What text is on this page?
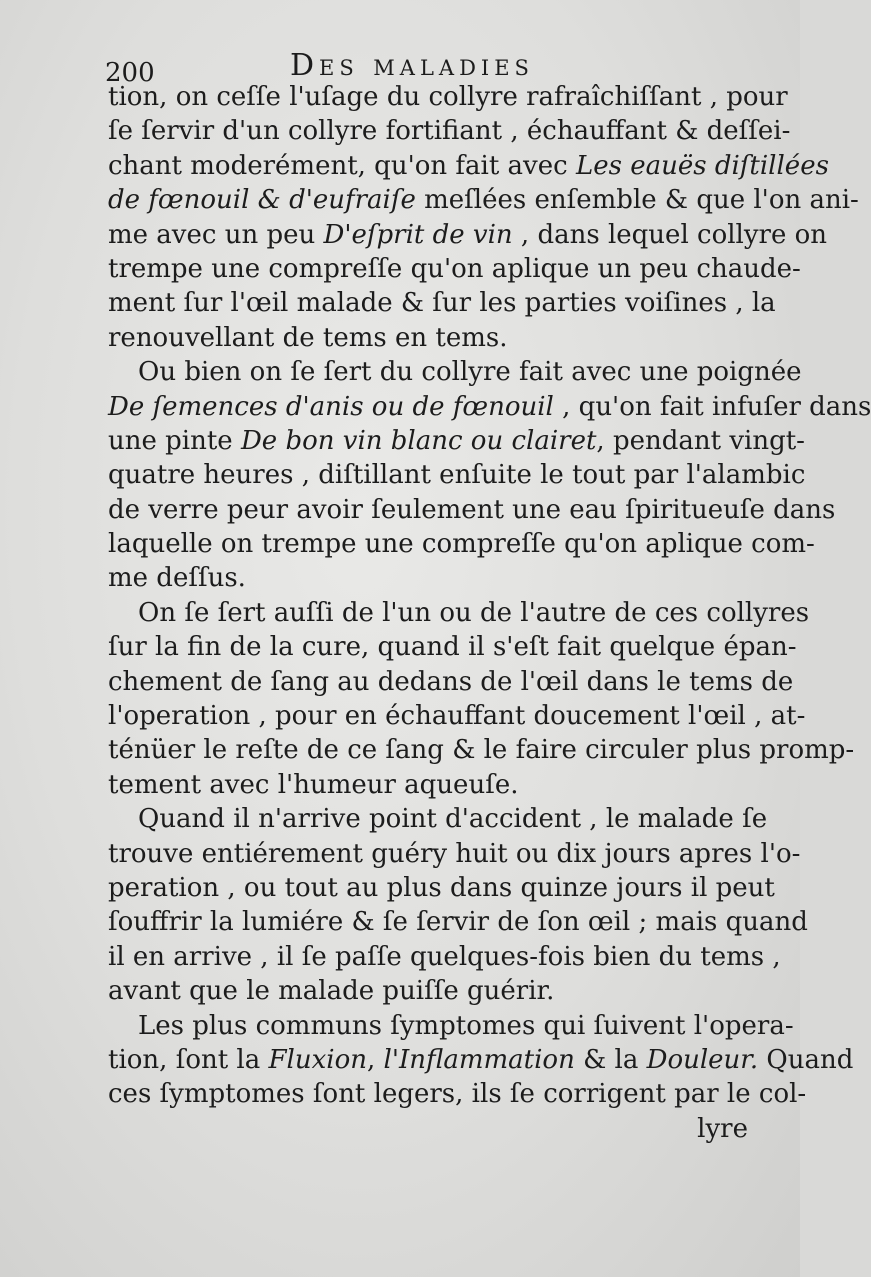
200	Des maladies
tion, on ceſſe l'uſage du collyre rafraîchiſſant , pour
ſe ſervir d'un collyre fortifiant , échauffant & deſſei-
chant moderément, qu'on fait avec Les eauës diſtillées
de fœnouil & d'eufraiſe meſlées enſemble & que l'on ani-
me avec un peu D'eſprit de vin , dans lequel collyre on
trempe une compreſſe qu'on aplique un peu chaude-
ment ſur l'œil malade & ſur les parties voiſines , la
renouvellant de tems en tems.
Ou bien on ſe ſert du collyre fait avec une poignée
De ſemences d'anis ou de fœnouil , qu'on fait infuſer dans
une pinte De bon vin blanc ou clairet, pendant vingt-
quatre heures , diſtillant enſuite le tout par l'alambic
de verre peur avoir ſeulement une eau ſpiritueuſe dans
laquelle on trempe une compreſſe qu'on aplique com-
me deſſus.
On ſe ſert auſſi de l'un ou de l'autre de ces collyres
ſur la fin de la cure, quand il s'eſt fait quelque épan-
chement de ſang au dedans de l'œil dans le tems de
l'operation , pour en échauffant doucement l'œil , at-
ténüer le reſte de ce ſang & le faire circuler plus promp-
tement avec l'humeur aqueuſe.
Quand il n'arrive point d'accident , le malade ſe
trouve entiérement guéry huit ou dix jours apres l'o-
peration , ou tout au plus dans quinze jours il peut
ſouffrir la lumiére & ſe ſervir de ſon œil ; mais quand
il en arrive , il ſe paſſe quelques-fois bien du tems ,
avant que le malade puiſſe guérir.
Les plus communs ſymptomes qui ſuivent l'opera-
tion, ſont la Fluxion, l'Inflammation & la Douleur. Quand
ces ſymptomes ſont legers, ils ſe corrigent par le col-
lyre
